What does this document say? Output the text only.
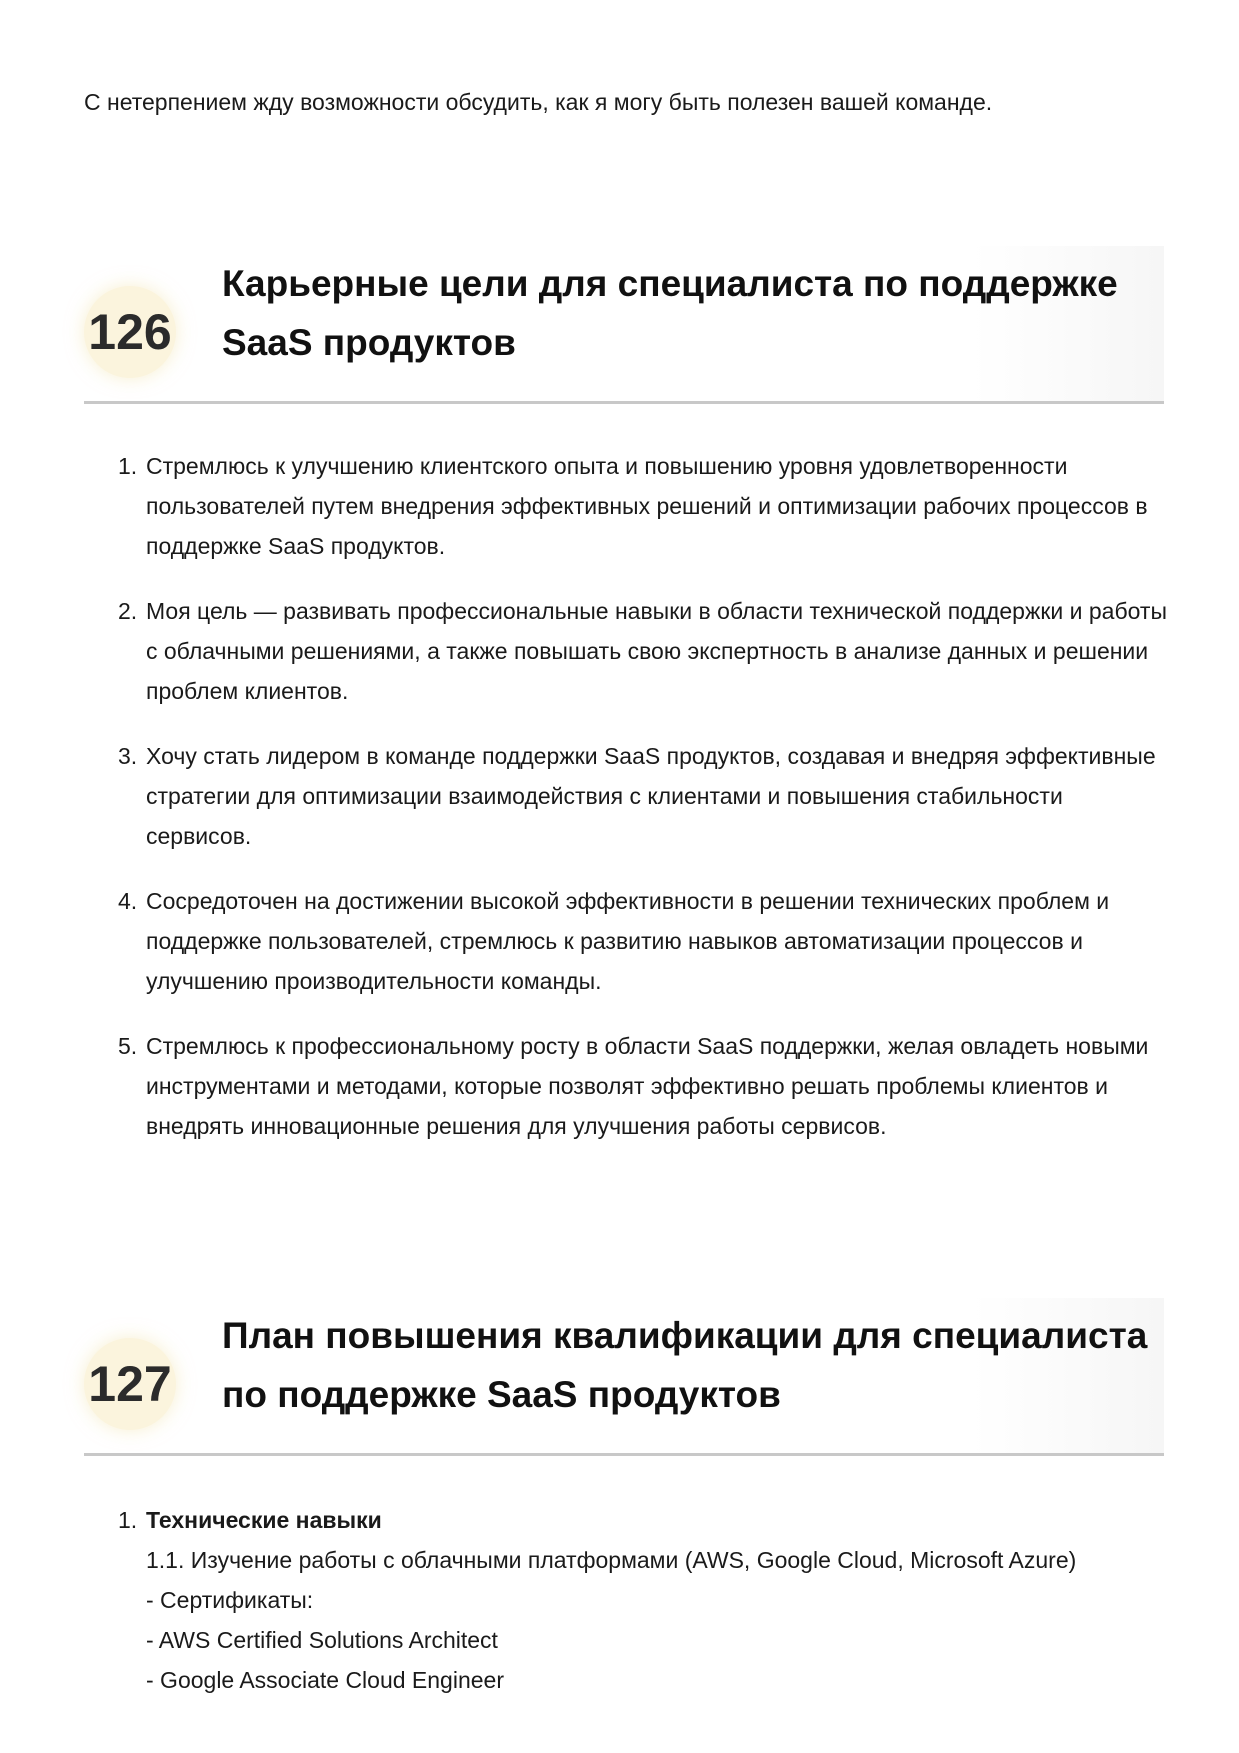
С нетерпением жду возможности обсудить, как я могу быть полезен вашей команде.

126
Карьерные цели для специалиста по поддержке SaaS продуктов
1. Стремлюсь к улучшению клиентского опыта и повышению уровня удовлетворенности пользователей путем внедрения эффективных решений и оптимизации рабочих процессов в поддержке SaaS продуктов.
2. Моя цель — развивать профессиональные навыки в области технической поддержки и работы с облачными решениями, а также повышать свою экспертность в анализе данных и решении проблем клиентов.
3. Хочу стать лидером в команде поддержки SaaS продуктов, создавая и внедряя эффективные стратегии для оптимизации взаимодействия с клиентами и повышения стабильности сервисов.
4. Сосредоточен на достижении высокой эффективности в решении технических проблем и поддержке пользователей, стремлюсь к развитию навыков автоматизации процессов и улучшению производительности команды.
5. Стремлюсь к профессиональному росту в области SaaS поддержки, желая овладеть новыми инструментами и методами, которые позволят эффективно решать проблемы клиентов и внедрять инновационные решения для улучшения работы сервисов.
127
План повышения квалификации для специалиста по поддержке SaaS продуктов
1. Технические навыки
1.1. Изучение работы с облачными платформами (AWS, Google Cloud, Microsoft Azure)
- Сертификаты:
- AWS Certified Solutions Architect
- Google Associate Cloud Engineer
